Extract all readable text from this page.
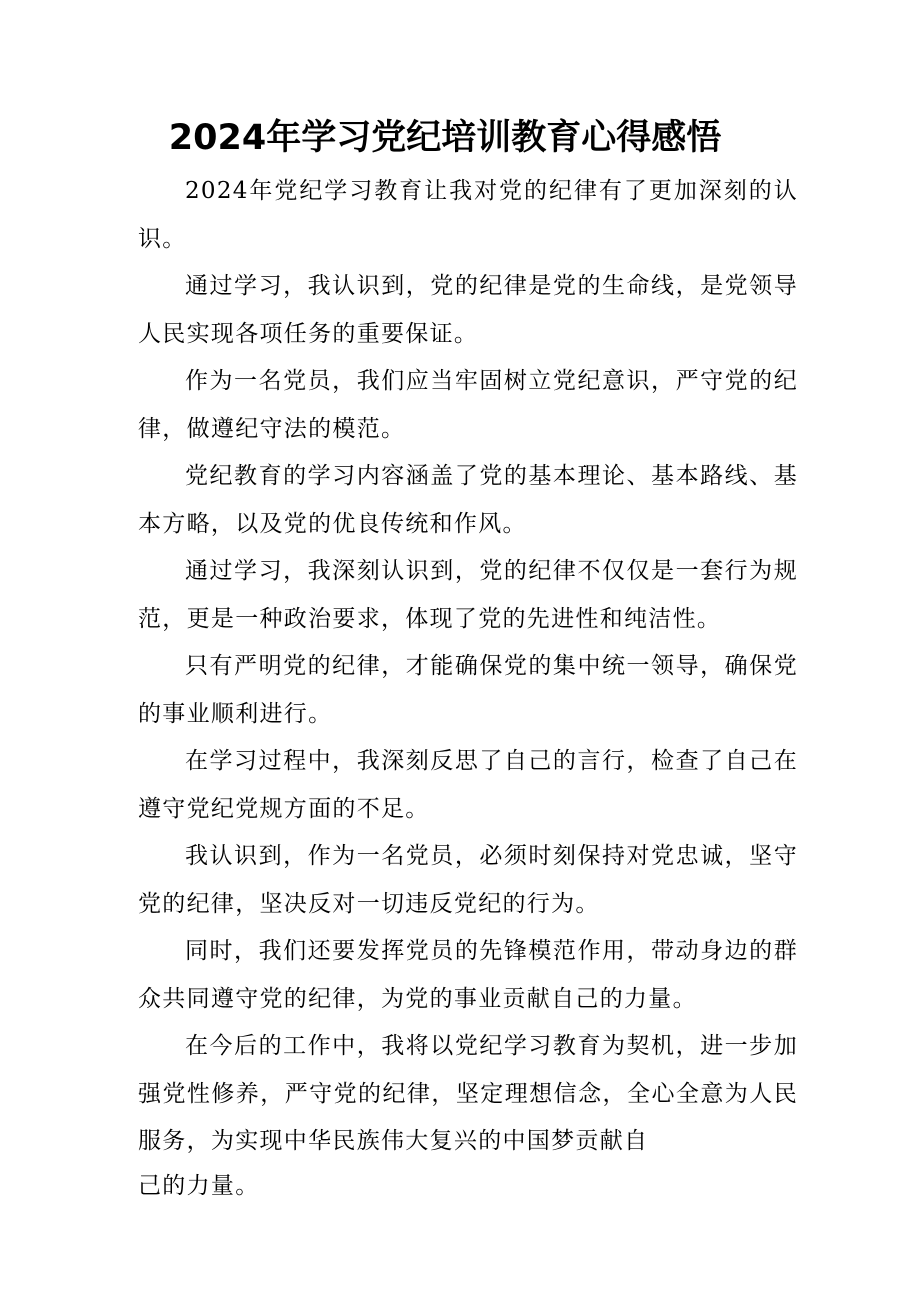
2024年学习党纪培训教育心得感悟

2024年党纪学习教育让我对党的纪律有了更加深刻的认识。

通过学习，我认识到，党的纪律是党的生命线，是党领导人民实现各项任务的重要保证。

作为一名党员，我们应当牢固树立党纪意识，严守党的纪律，做遵纪守法的模范。

党纪教育的学习内容涵盖了党的基本理论、基本路线、基本方略，以及党的优良传统和作风。

通过学习，我深刻认识到，党的纪律不仅仅是一套行为规范，更是一种政治要求，体现了党的先进性和纯洁性。

只有严明党的纪律，才能确保党的集中统一领导，确保党的事业顺利进行。

在学习过程中，我深刻反思了自己的言行，检查了自己在遵守党纪党规方面的不足。

我认识到，作为一名党员，必须时刻保持对党忠诚，坚守党的纪律，坚决反对一切违反党纪的行为。

同时，我们还要发挥党员的先锋模范作用，带动身边的群众共同遵守党的纪律，为党的事业贡献自己的力量。

在今后的工作中，我将以党纪学习教育为契机，进一步加强党性修养，严守党的纪律，坚定理想信念，全心全意为人民服务，为实现中华民族伟大复兴的中国梦贡献自

己的力量。
